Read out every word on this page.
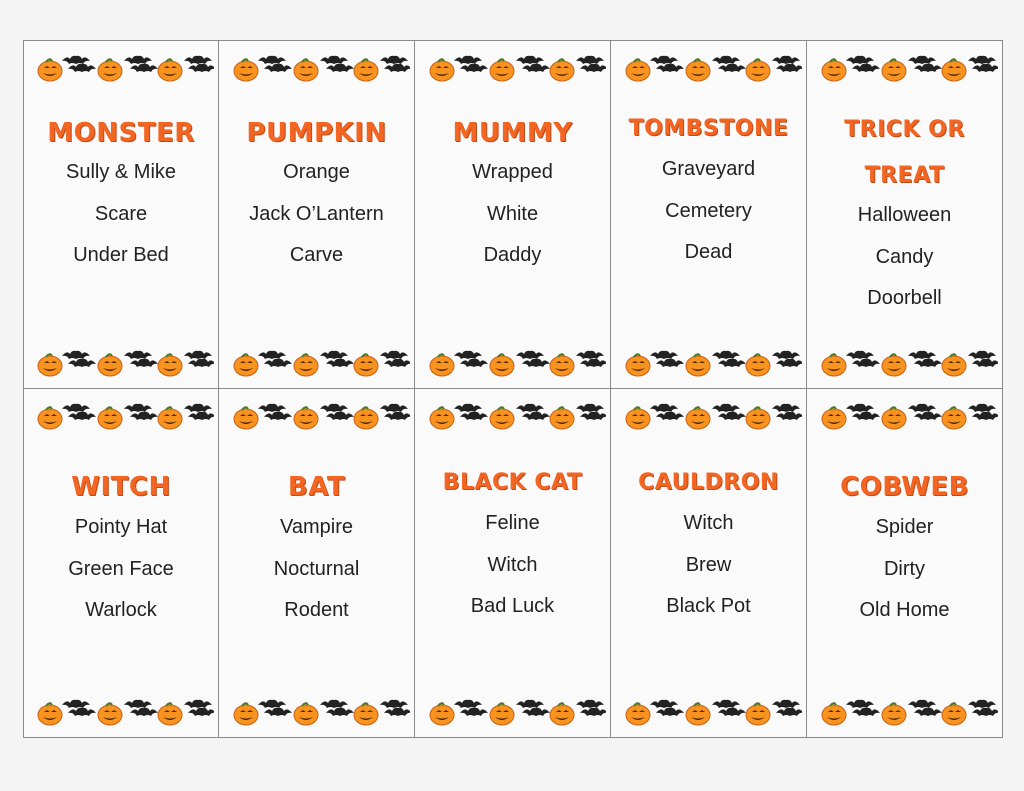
MONSTER

Sully & Mike

Scare

Under Bed

PUMPKIN

Orange

Jack O’Lantern

Carve

MUMMY

Wrapped

White

Daddy

TOMBSTONE

Graveyard

Cemetery

Dead

TRICK OR

TREAT

Halloween

Candy

Doorbell

WITCH

Pointy Hat

Green Face

Warlock

BAT

Vampire

Nocturnal

Rodent

BLACK CAT

Feline

Witch

Bad Luck

CAULDRON

Witch

Brew

Black Pot

COBWEB

Spider

Dirty

Old Home
